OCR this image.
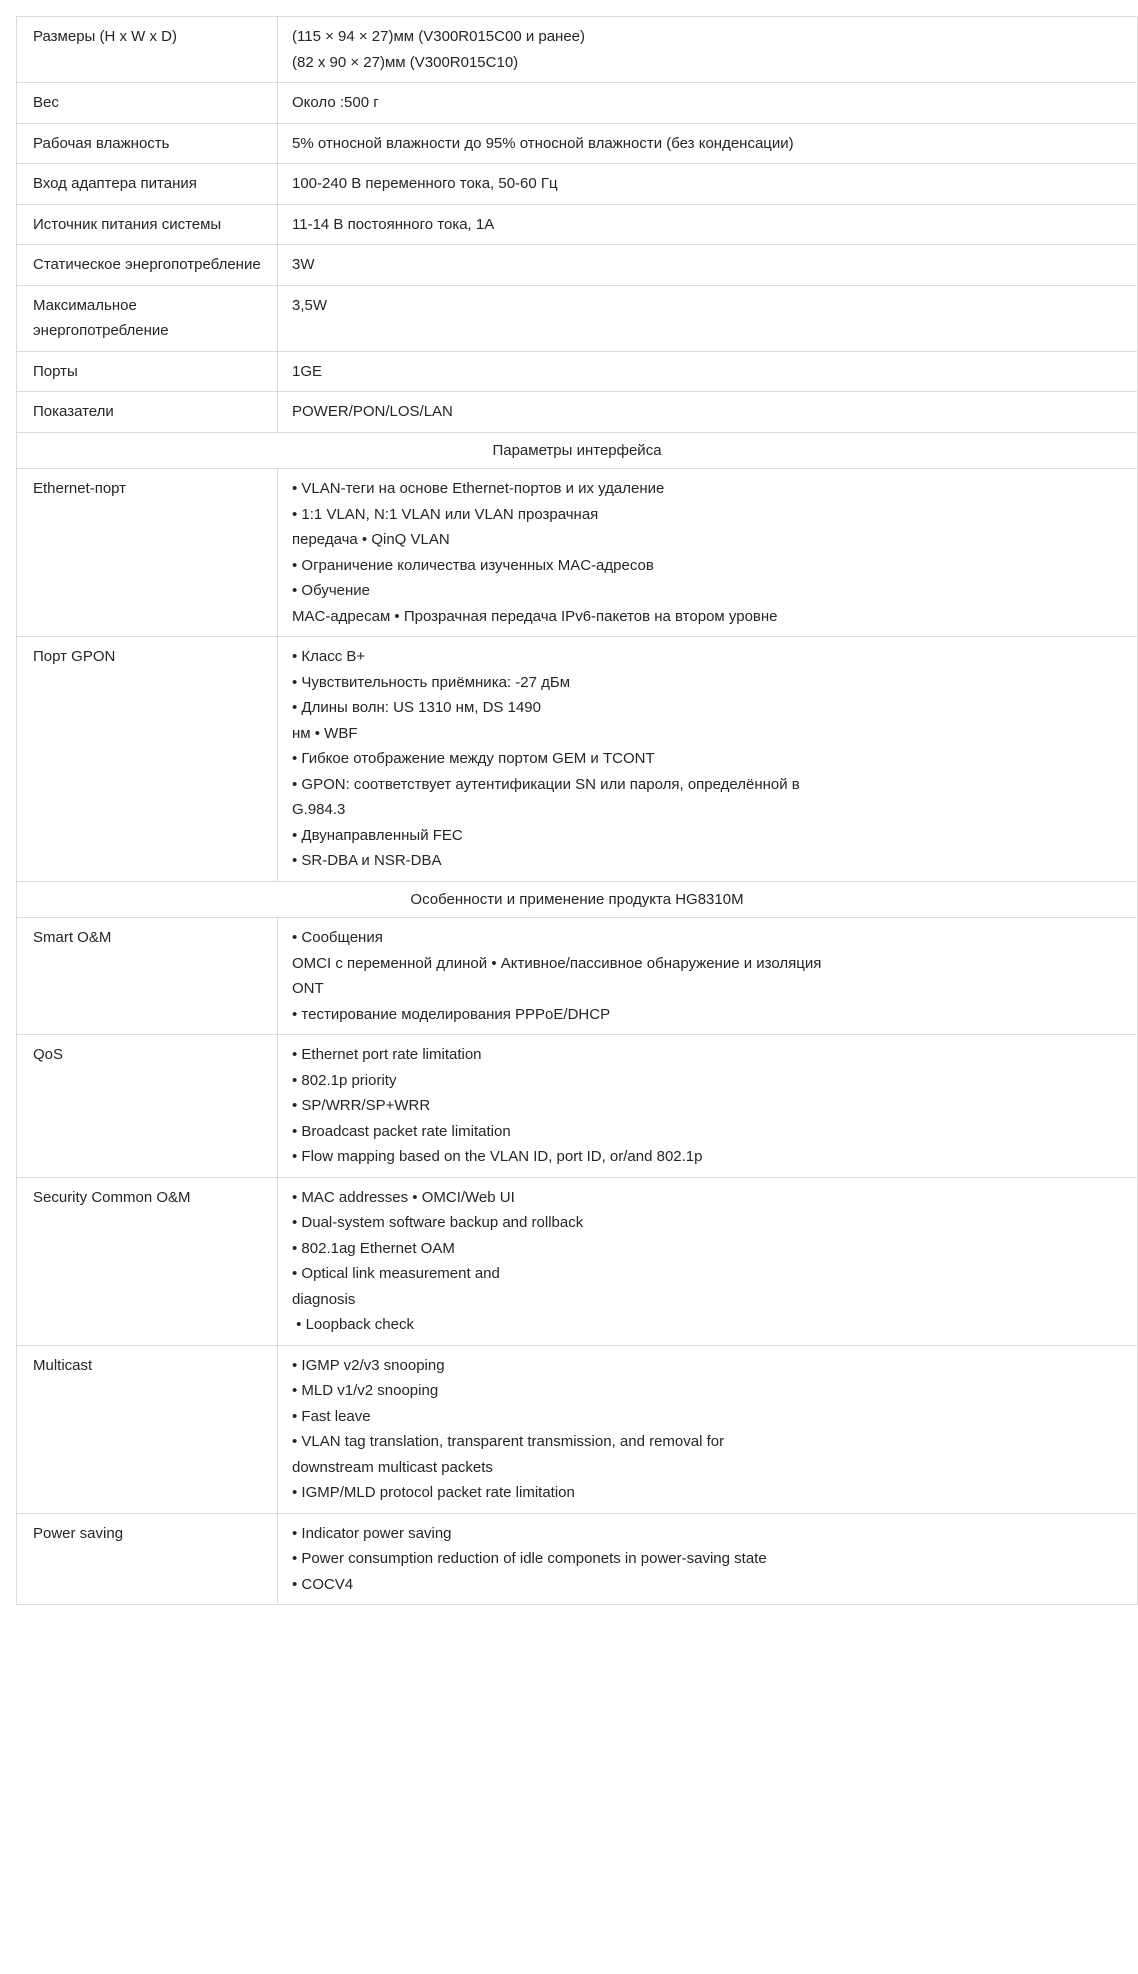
Размеры (H x W x D)	(115 × 94 × 27)мм (V300R015C00 и ранее)
(82 x 90 × 27)мм (V300R015C10)

Вес	Около :500 г

Рабочая влажность	5% относной влажности до 95% относной влажности (без конденсации)

Вход адаптера питания	100-240 В переменного тока, 50-60 Гц

Источник питания системы	11-14 В постоянного тока, 1А

Статическое энергопотребление	3W

Максимальное энергопотребление	3,5W

Порты	1GE

Показатели	POWER/PON/LOS/LAN

Параметры интерфейса	
Ethernet-порт	• VLAN-теги на основе Ethernet-портов и их удаление
• 1:1 VLAN, N:1 VLAN или VLAN прозрачная
передача • QinQ VLAN
• Ограничение количества изученных MAC-адресов
• Обучение
MAC-адресам • Прозрачная передача IPv6-пакетов на втором уровне

Порт GPON	• Класс B+
• Чувствительность приёмника: -27 дБм
• Длины волн: US 1310 нм, DS 1490
нм • WBF
• Гибкое отображение между портом GEM и TCONT
• GPON: соответствует аутентификации SN или пароля, определённой в
G.984.3
• Двунаправленный FEC
• SR-DBA и NSR-DBA

Особенности и применение продукта HG8310M	
Smart O&M	• Сообщения
OMCI с переменной длиной • Активное/пассивное обнаружение и изоляция
ONT
• тестирование моделирования PPPoE/DHCP

QoS	• Ethernet port rate limitation
• 802.1p priority
• SP/WRR/SP+WRR
• Broadcast packet rate limitation
• Flow mapping based on the VLAN ID, port ID, or/and 802.1p

Security Common O&M	• MAC addresses • OMCI/Web UI
• Dual-system software backup and rollback
• 802.1ag Ethernet OAM
• Optical link measurement and
diagnosis
• Loopback check

Multicast	• IGMP v2/v3 snooping
• MLD v1/v2 snooping
• Fast leave
• VLAN tag translation, transparent transmission, and removal for
downstream multicast packets
• IGMP/MLD protocol packet rate limitation

Power saving	• Indicator power saving
• Power consumption reduction of idle componets in power-saving state
• COCV4
